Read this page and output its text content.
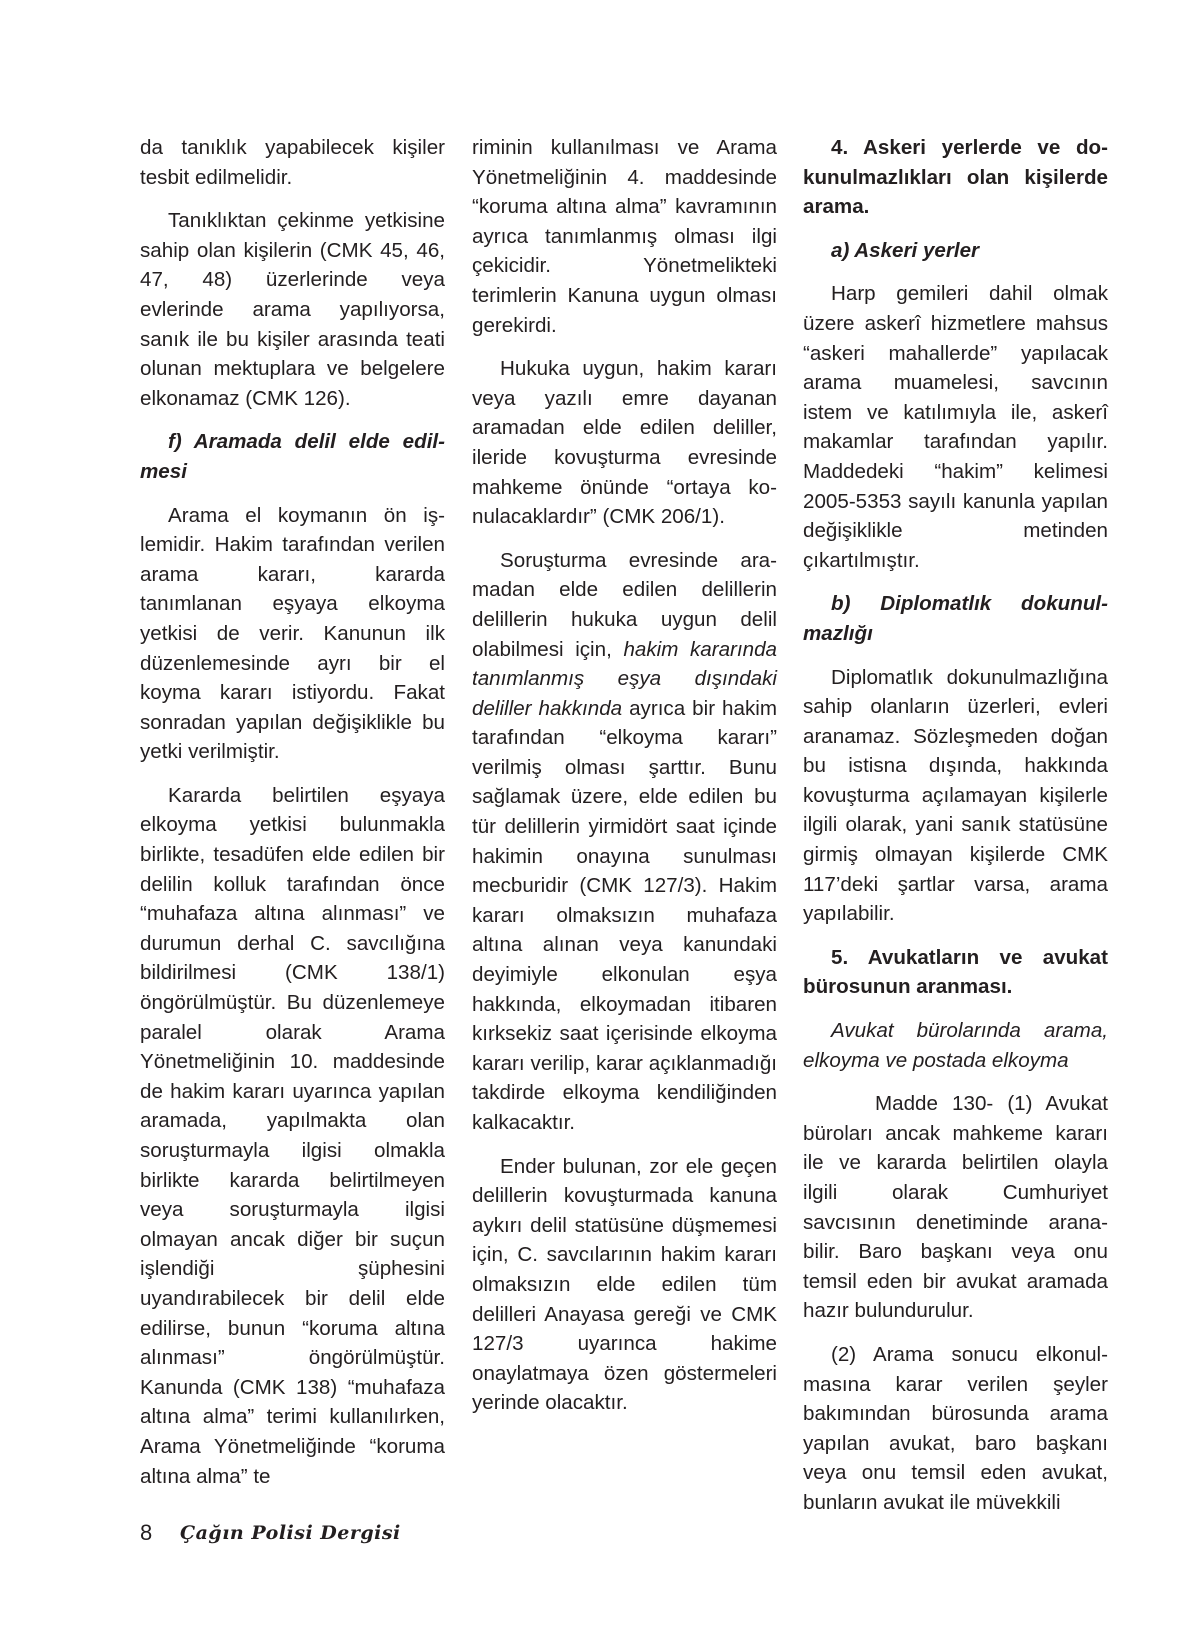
da tanıklık yapabilecek kişiler tesbit edilmelidir.

Tanıklıktan çekinme yetkisine sahip olan kişilerin (CMK 45, 46, 47, 48) üzerlerinde veya evlerinde arama yapılıyorsa, sanık ile bu kişiler arasında teati olunan mektuplara ve belgelere elkonamaz (CMK 126).

f) Aramada delil elde edilmesi

Arama el koymanın ön işlemidir. Hakim tarafından verilen arama kararı, kararda tanımlanan eşyaya elkoyma yetkisi de verir. Kanunun ilk düzenlemesinde ayrı bir el koyma kararı istiyordu. Fakat sonradan yapılan değişiklikle bu yetki verilmiştir.

Kararda belirtilen eşyaya elkoyma yetkisi bulunmakla birlikte, tesadüfen elde edilen bir delilin kolluk tarafından önce “muhafaza altına alınması” ve durumun derhal C. savcılığına bildirilmesi (CMK 138/1) öngörülmüştür. Bu düzenlemeye paralel olarak Arama Yönetmeliğinin 10. maddesinde de hakim kararı uyarınca yapılan aramada, yapılmakta olan soruşturmayla ilgisi olmakla birlikte kararda belirtilmeyen veya soruşturmayla ilgisi olmayan ancak diğer bir suçun işlendiği şüphesini uyandırabilecek bir delil elde edilirse, bunun “koruma altına alınması” öngörülmüştür. Kanunda (CMK 138) “muhafaza altına alma” terimi kullanılırken, Arama Yönetmeliğinde “koruma altına alma” te

riminin kullanılması ve Arama Yönetmeliğinin 4. maddesinde “koruma altına alma” kavramının ayrıca tanımlanmış olması ilgi çekicidir. Yönetmelikteki terimlerin Kanuna uygun olması gerekirdi.

Hukuka uygun, hakim kararı veya yazılı emre dayanan aramadan elde edilen deliller, ileride kovuşturma evresinde mahkeme önünde “ortaya konulacaklardır” (CMK 206/1).

Soruşturma evresinde aramadan elde edilen delillerin delillerin hukuka uygun delil olabilmesi için, hakim kararında tanımlanmış eşya dışındaki deliller hakkında ayrıca bir hakim tarafından “elkoyma kararı” verilmiş olması şarttır. Bunu sağlamak üzere, elde edilen bu tür delillerin yirmidört saat içinde hakimin onayına sunulması mecburidir (CMK 127/3). Hakim kararı olmaksızın muhafaza altına alınan veya kanundaki deyimiyle elkonulan eşya hakkında, elkoymadan itibaren kırksekiz saat içerisinde elkoyma kararı verilip, karar açıklanmadığı takdirde elkoyma kendiliğinden kalkacaktır.

Ender bulunan, zor ele geçen delillerin kovuşturmada kanuna aykırı delil statüsüne düşmemesi için, C. savcılarının hakim kararı olmaksızın elde edilen tüm delilleri Anayasa gereği ve CMK 127/3 uyarınca hakime onaylatmaya özen göstermeleri yerinde olacaktır.

4. Askeri yerlerde ve dokunulmazlıkları olan kişilerde arama.

a) Askeri yerler

Harp gemileri dahil olmak üzere askerî hizmetlere mahsus “askeri mahallerde” yapılacak arama muamelesi, savcının istem ve katılımıyla ile, askerî makamlar tarafından yapılır. Maddedeki “hakim” kelimesi 2005-5353 sayılı kanunla yapılan değişiklikle metinden çıkartılmıştır.

b) Diplomatlık dokunulmazlığı

Diplomatlık dokunulmazlığına sahip olanların üzerleri, evleri aranamaz. Sözleşmeden doğan bu istisna dışında, hakkında kovuşturma açılamayan kişilerle ilgili olarak, yani sanık statüsüne girmiş olmayan kişilerde CMK 117’deki şartlar varsa, arama yapılabilir.

5. Avukatların ve avukat bürosunun aranması.

Avukat bürolarında arama, elkoyma ve postada elkoyma

Madde 130- (1) Avukat büroları ancak mahkeme kararı ile ve kararda belirtilen olayla ilgili olarak Cumhuriyet savcısının denetiminde aranabilir. Baro başkanı veya onu temsil eden bir avukat aramada hazır bulundurulur.

(2) Arama sonucu elkonulmasına karar verilen şeyler bakımından bürosunda arama yapılan avukat, baro başkanı veya onu temsil eden avukat, bunların avukat ile müvekkili

8 Çağın Polisi Dergisi
